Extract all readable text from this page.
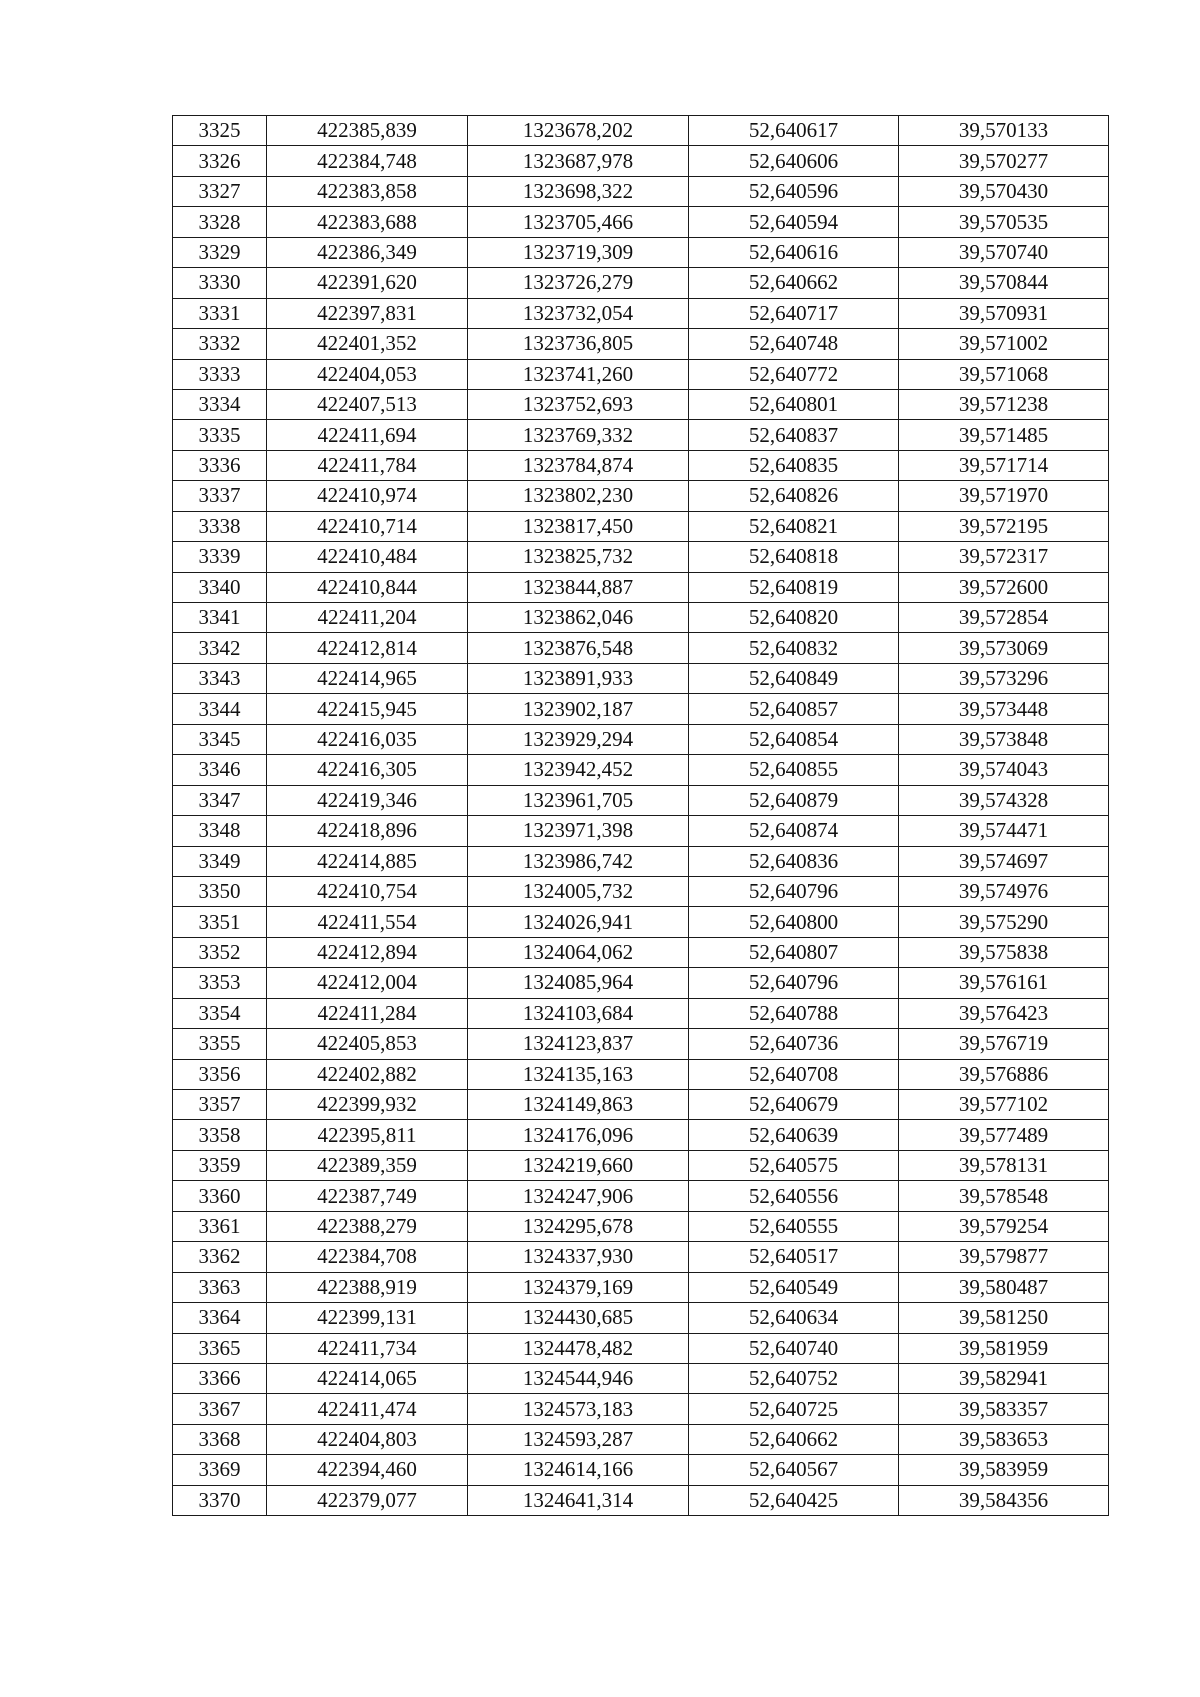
3325	422385,839	1323678,202	52,640617	39,570133
3326	422384,748	1323687,978	52,640606	39,570277
3327	422383,858	1323698,322	52,640596	39,570430
3328	422383,688	1323705,466	52,640594	39,570535
3329	422386,349	1323719,309	52,640616	39,570740
3330	422391,620	1323726,279	52,640662	39,570844
3331	422397,831	1323732,054	52,640717	39,570931
3332	422401,352	1323736,805	52,640748	39,571002
3333	422404,053	1323741,260	52,640772	39,571068
3334	422407,513	1323752,693	52,640801	39,571238
3335	422411,694	1323769,332	52,640837	39,571485
3336	422411,784	1323784,874	52,640835	39,571714
3337	422410,974	1323802,230	52,640826	39,571970
3338	422410,714	1323817,450	52,640821	39,572195
3339	422410,484	1323825,732	52,640818	39,572317
3340	422410,844	1323844,887	52,640819	39,572600
3341	422411,204	1323862,046	52,640820	39,572854
3342	422412,814	1323876,548	52,640832	39,573069
3343	422414,965	1323891,933	52,640849	39,573296
3344	422415,945	1323902,187	52,640857	39,573448
3345	422416,035	1323929,294	52,640854	39,573848
3346	422416,305	1323942,452	52,640855	39,574043
3347	422419,346	1323961,705	52,640879	39,574328
3348	422418,896	1323971,398	52,640874	39,574471
3349	422414,885	1323986,742	52,640836	39,574697
3350	422410,754	1324005,732	52,640796	39,574976
3351	422411,554	1324026,941	52,640800	39,575290
3352	422412,894	1324064,062	52,640807	39,575838
3353	422412,004	1324085,964	52,640796	39,576161
3354	422411,284	1324103,684	52,640788	39,576423
3355	422405,853	1324123,837	52,640736	39,576719
3356	422402,882	1324135,163	52,640708	39,576886
3357	422399,932	1324149,863	52,640679	39,577102
3358	422395,811	1324176,096	52,640639	39,577489
3359	422389,359	1324219,660	52,640575	39,578131
3360	422387,749	1324247,906	52,640556	39,578548
3361	422388,279	1324295,678	52,640555	39,579254
3362	422384,708	1324337,930	52,640517	39,579877
3363	422388,919	1324379,169	52,640549	39,580487
3364	422399,131	1324430,685	52,640634	39,581250
3365	422411,734	1324478,482	52,640740	39,581959
3366	422414,065	1324544,946	52,640752	39,582941
3367	422411,474	1324573,183	52,640725	39,583357
3368	422404,803	1324593,287	52,640662	39,583653
3369	422394,460	1324614,166	52,640567	39,583959
3370	422379,077	1324641,314	52,640425	39,584356
